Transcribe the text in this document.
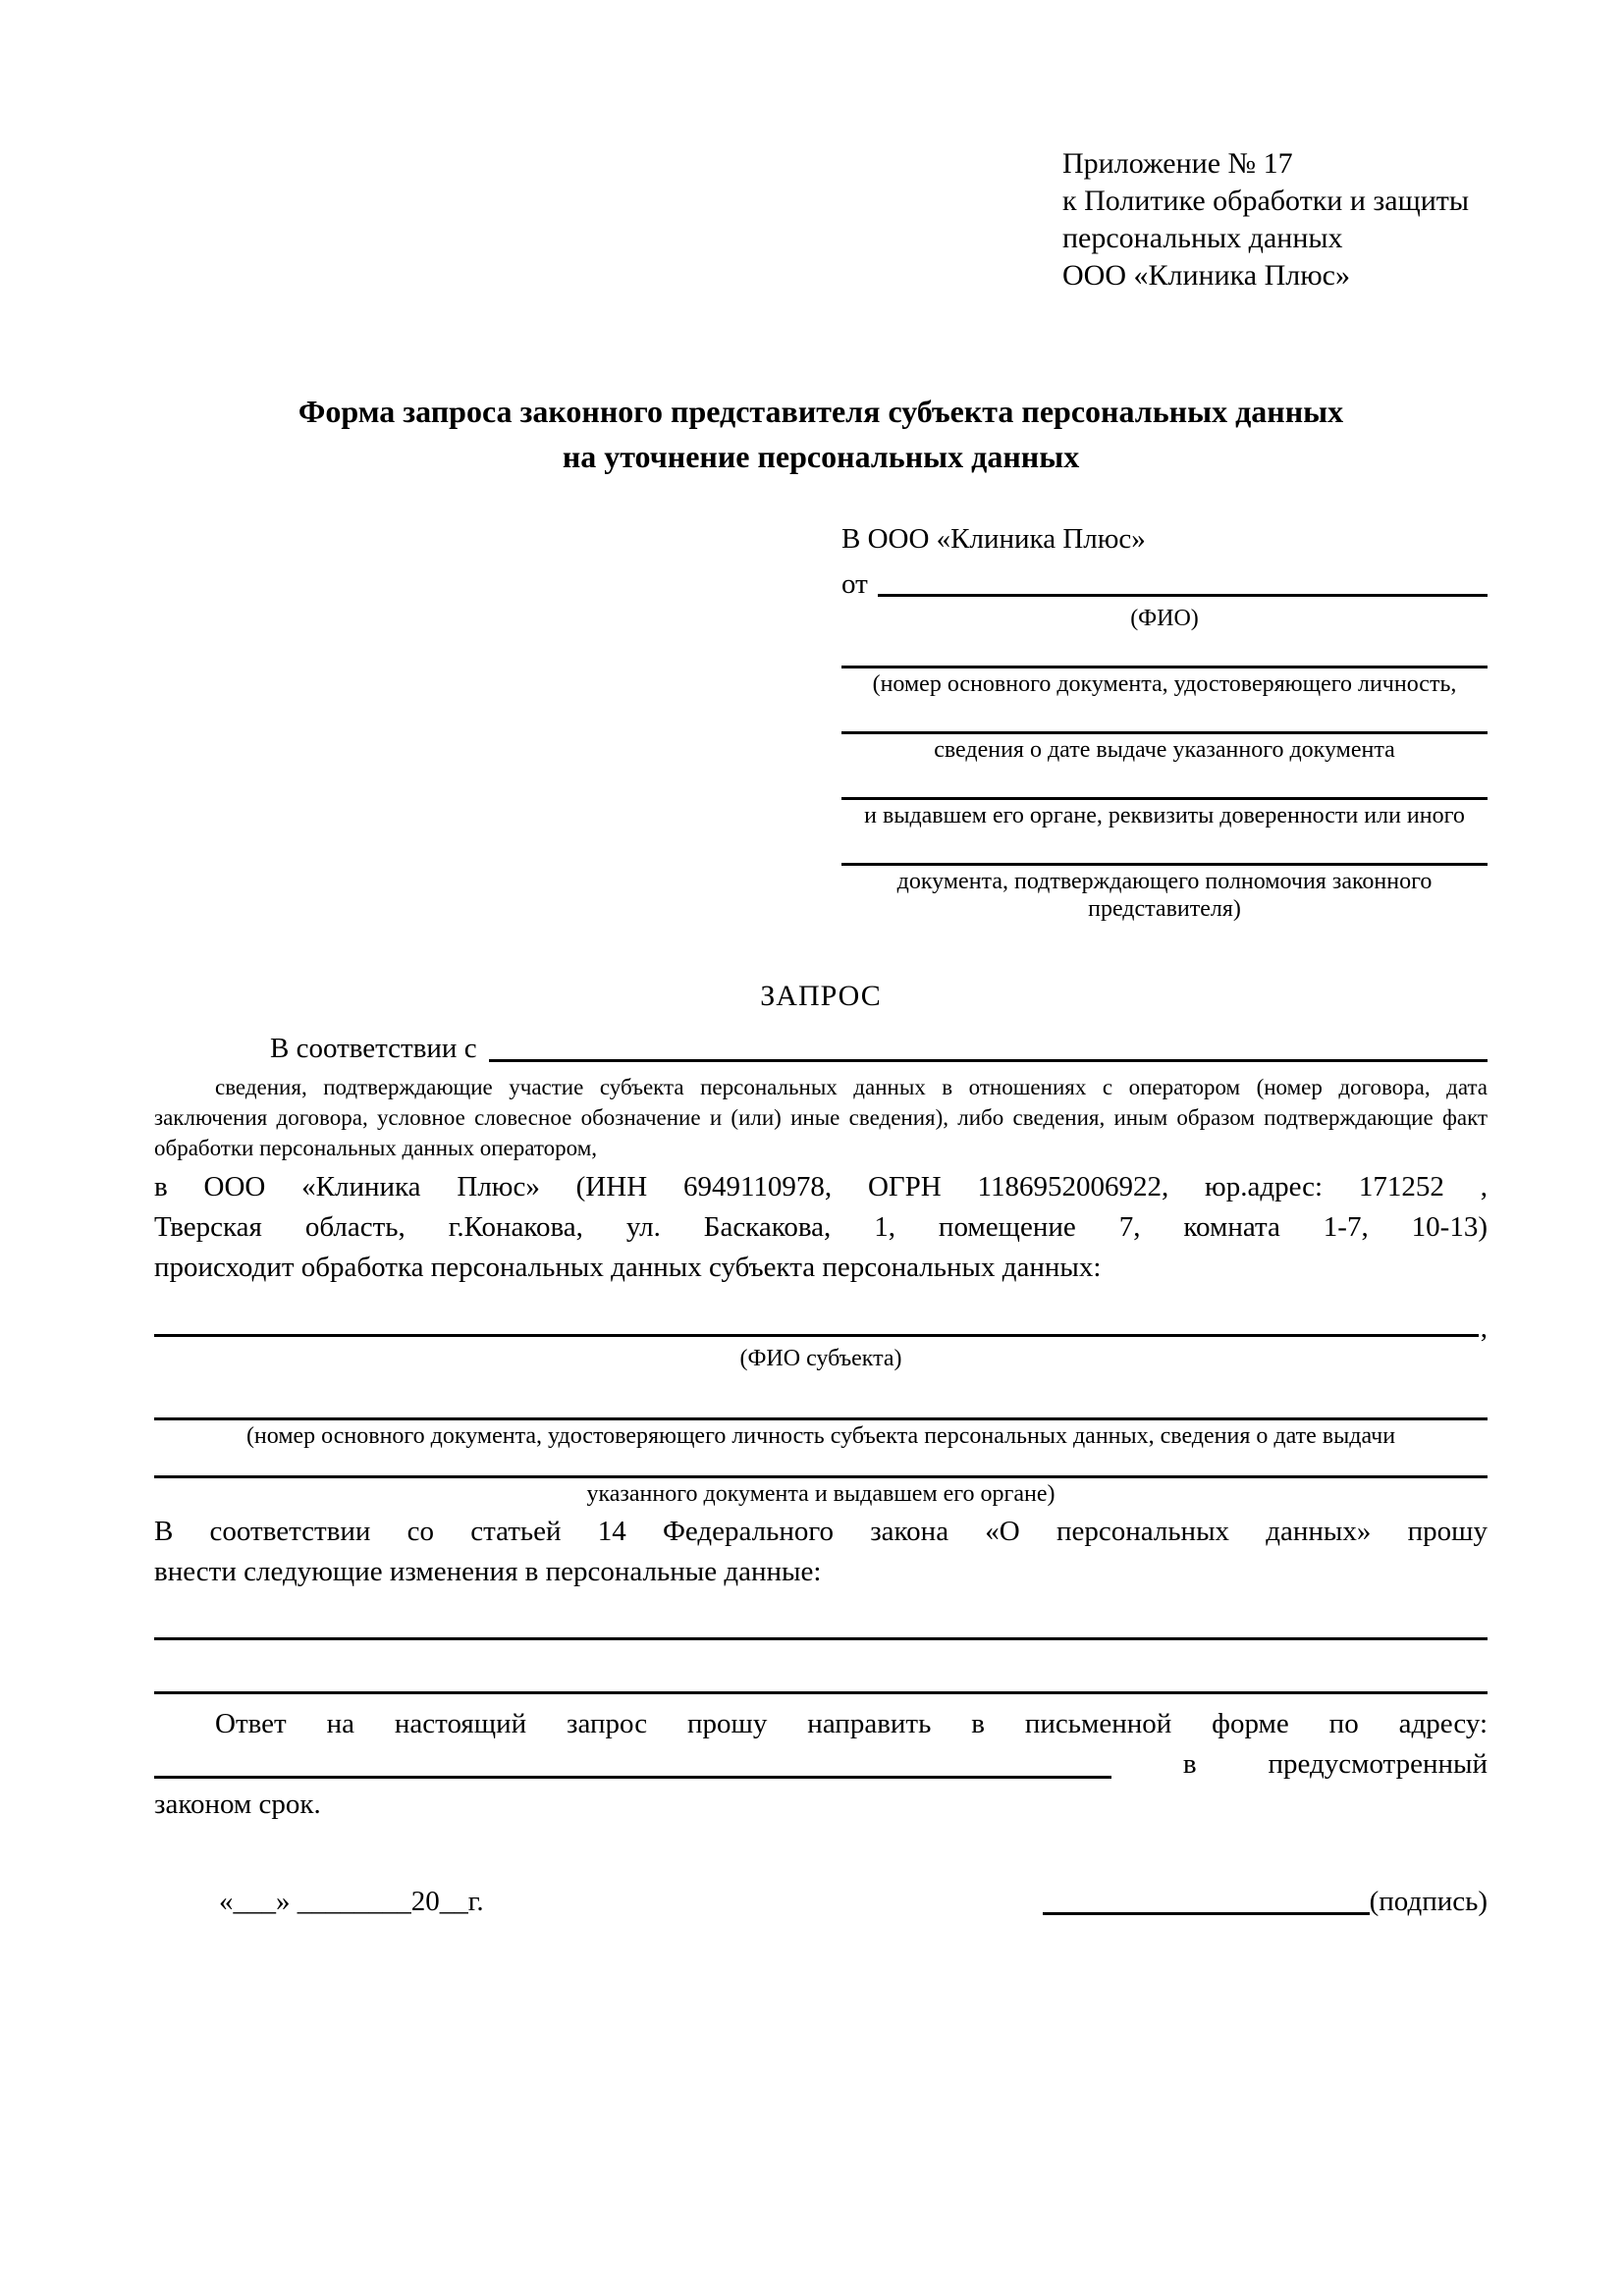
Приложение № 17
к Политике обработки и защиты
персональных данных
ООО «Клиника Плюс»
Форма запроса законного представителя субъекта персональных данных
на уточнение персональных данных
В ООО «Клиника Плюс»
от
(ФИО)
(номер основного документа, удостоверяющего личность,
сведения о дате выдаче указанного документа
и выдавшем его органе, реквизиты доверенности или иного
документа, подтверждающего полномочия законного представителя)
ЗАПРОС
В соответствии с
сведения, подтверждающие участие субъекта персональных данных в отношениях с оператором (номер договора, дата
заключения договора, условное словесное обозначение и (или) иные сведения), либо сведения, иным образом подтверждающие факт
обработки персональных данных оператором,
в ООО «Клиника Плюс» (ИНН 6949110978, ОГРН 1186952006922, юр.адрес: 171252 ,
Тверская область, г.Конакова, ул. Баскакова, 1, помещение 7, комната 1-7, 10-13)
происходит обработка персональных данных субъекта персональных данных:
,
(ФИО субъекта)
(номер основного документа, удостоверяющего личность субъекта персональных данных, сведения о дате выдачи
указанного документа и выдавшем его органе)
В соответствии со статьей 14 Федерального закона «О персональных данных» прошу
внести следующие изменения в персональные данные:
Ответ на настоящий запрос прошу направить в письменной форме по адресу:
в	предусмотренный
законом срок.
«___» ________20__г.	(подпись)
